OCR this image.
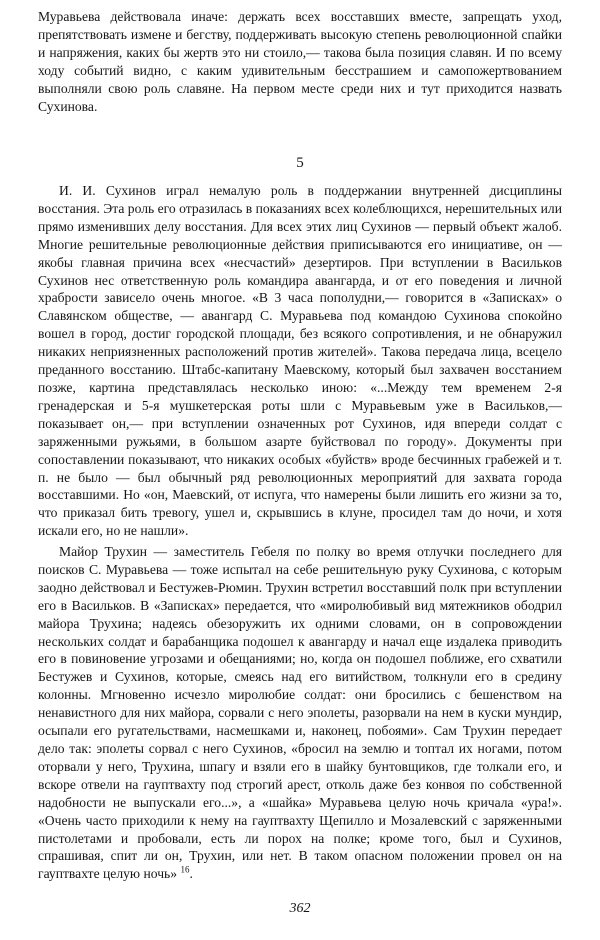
Муравьева действовала иначе: держать всех восставших вместе, запрещать уход, препятствовать измене и бегству, поддерживать высокую степень революционной спайки и напряжения, каких бы жертв это ни стоило,— такова была позиция славян. И по всему ходу событий видно, с каким удивительным бесстрашием и самопожертвованием выполняли свою роль славяне. На первом месте среди них и тут приходится назвать Сухинова.

5

И. И. Сухинов играл немалую роль в поддержании внутренней дисциплины восстания. Эта роль его отразилась в показаниях всех колеблющихся, нерешительных или прямо изменивших делу восстания. Для всех этих лиц Сухинов — первый объект жалоб. Многие решительные революционные действия приписываются его инициативе, он — якобы главная причина всех «несчастий» дезертиров. При вступлении в Васильков Сухинов нес ответственную роль командира авангарда, и от его поведения и личной храбрости зависело очень многое. «В 3 часа пополудни,— говорится в «Записках» о Славянском обществе, — авангард С. Муравьева под командою Сухинова спокойно вошел в город, достиг городской площади, без всякого сопротивления, и не обнаружил никаких неприязненных расположений против жителей». Такова передача лица, всецело преданного восстанию. Штабс-капитану Маевскому, который был захвачен восстанием позже, картина представлялась несколько иною: «...Между тем временем 2-я гренадерская и 5-я мушкетерская роты шли с Муравьевым уже в Васильков,— показывает он,— при вступлении означенных рот Сухинов, идя впереди солдат с заряженными ружьями, в большом азарте буйствовал по городу». Документы при сопоставлении показывают, что никаких особых «буйств» вроде бесчинных грабежей и т. п. не было — был обычный ряд революционных мероприятий для захвата города восставшими. Но «он, Маевский, от испуга, что намерены были лишить его жизни за то, что приказал бить тревогу, ушел и, скрывшись в клуне, просидел там до ночи, и хотя искали его, но не нашли».

Майор Трухин — заместитель Гебеля по полку во время отлучки последнего для поисков С. Муравьева — тоже испытал на себе решительную руку Сухинова, с которым заодно действовал и Бестужев-Рюмин. Трухин встретил восставший полк при вступлении его в Васильков. В «Записках» передается, что «миролюбивый вид мятежников ободрил майора Трухина; надеясь обезоружить их одними словами, он в сопровождении нескольких солдат и барабанщика подошел к авангарду и начал еще издалека приводить его в повиновение угрозами и обещаниями; но, когда он подошел поближе, его схватили Бестужев и Сухинов, которые, смеясь над его витийством, толкнули его в средину колонны. Мгновенно исчезло миролюбие солдат: они бросились с бешенством на ненавистного для них майора, сорвали с него эполеты, разорвали на нем в куски мундир, осыпали его ругательствами, насмешками и, наконец, побоями». Сам Трухин передает дело так: эполеты сорвал с него Сухинов, «бросил на землю и топтал их ногами, потом оторвали у него, Трухина, шпагу и взяли его в шайку бунтовщиков, где толкали его, и вскоре отвели на гауптвахту под строгий арест, отколь даже без конвоя по собственной надобности не выпускали его...», а «шайка» Муравьева целую ночь кричала «ура!». «Очень часто приходили к нему на гауптвахту Щепилло и Мозалевский с заряженными пистолетами и пробовали, есть ли порох на полке; кроме того, был и Сухинов, спрашивая, спит ли он, Трухин, или нет. В таком опасном положении провел он на гауптвахте целую ночь» $^{16}$.

362
